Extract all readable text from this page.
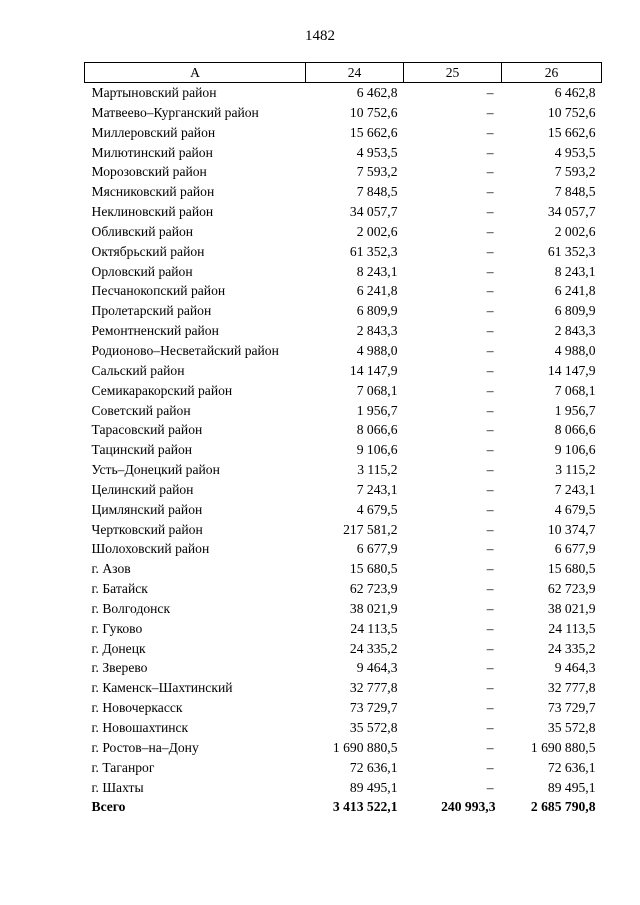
1482
А	24	25	26
Мартыновский район	6 462,8	–	6 462,8
Матвеево–Курганский район	10 752,6	–	10 752,6
Миллеровский район	15 662,6	–	15 662,6
Милютинский район	4 953,5	–	4 953,5
Морозовский район	7 593,2	–	7 593,2
Мясниковский район	7 848,5	–	7 848,5
Неклиновский район	34 057,7	–	34 057,7
Обливский район	2 002,6	–	2 002,6
Октябрьский район	61 352,3	–	61 352,3
Орловский район	8 243,1	–	8 243,1
Песчанокопский район	6 241,8	–	6 241,8
Пролетарский район	6 809,9	–	6 809,9
Ремонтненский район	2 843,3	–	2 843,3
Родионово–Несветайский район	4 988,0	–	4 988,0
Сальский район	14 147,9	–	14 147,9
Семикаракорский район	7 068,1	–	7 068,1
Советский район	1 956,7	–	1 956,7
Тарасовский район	8 066,6	–	8 066,6
Тацинский район	9 106,6	–	9 106,6
Усть–Донецкий район	3 115,2	–	3 115,2
Целинский район	7 243,1	–	7 243,1
Цимлянский район	4 679,5	–	4 679,5
Чертковский район	217 581,2	–	10 374,7
Шолоховский район	6 677,9	–	6 677,9
г. Азов	15 680,5	–	15 680,5
г. Батайск	62 723,9	–	62 723,9
г. Волгодонск	38 021,9	–	38 021,9
г. Гуково	24 113,5	–	24 113,5
г. Донецк	24 335,2	–	24 335,2
г. Зверево	9 464,3	–	9 464,3
г. Каменск–Шахтинский	32 777,8	–	32 777,8
г. Новочеркасск	73 729,7	–	73 729,7
г. Новошахтинск	35 572,8	–	35 572,8
г. Ростов–на–Дону	1 690 880,5	–	1 690 880,5
г. Таганрог	72 636,1	–	72 636,1
г. Шахты	89 495,1	–	89 495,1
Всего	3 413 522,1	240 993,3	2 685 790,8
